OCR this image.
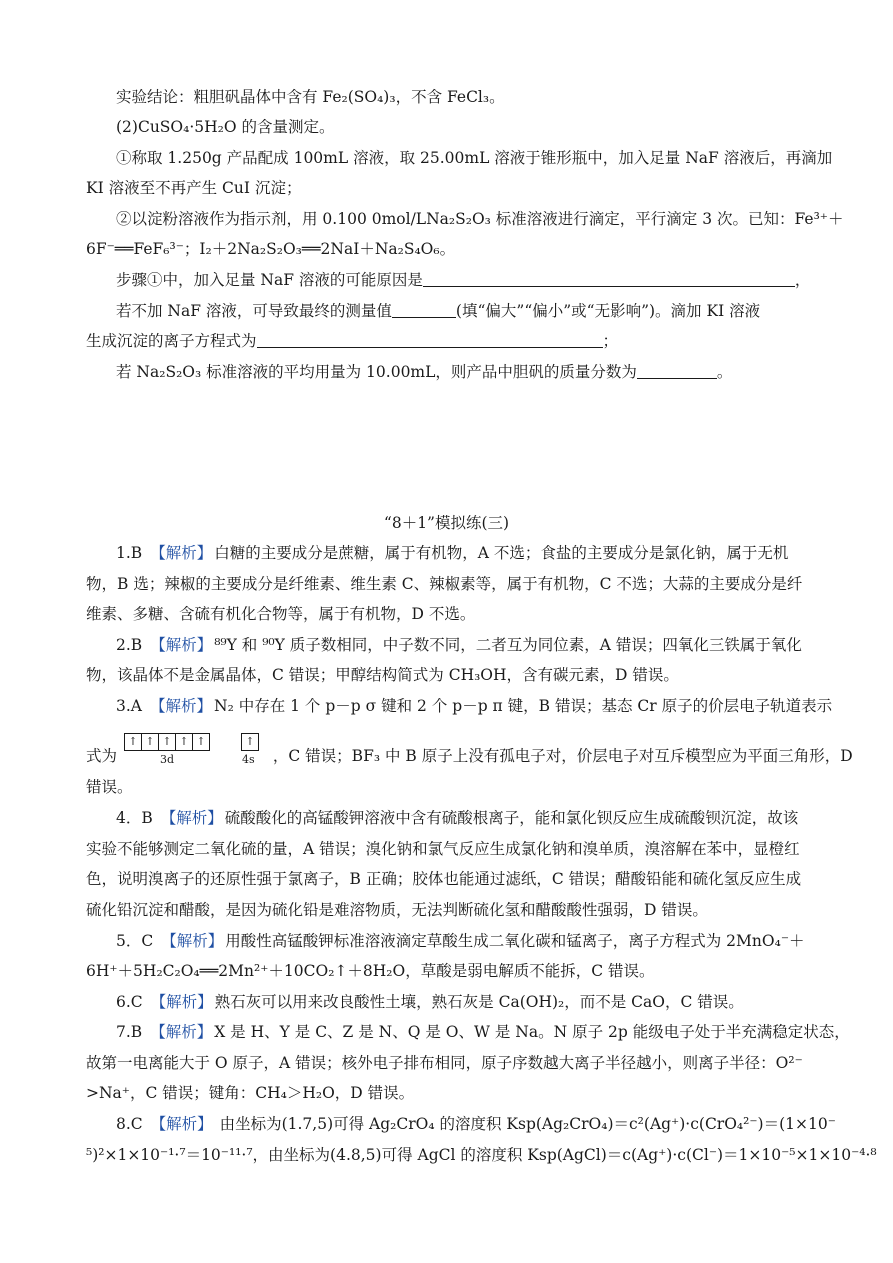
实验结论：粗胆矾晶体中含有 Fe₂(SO₄)₃，不含 FeCl₃。
(2)CuSO₄·5H₂O 的含量测定。
①称取 1.250g 产品配成 100mL 溶液，取 25.00mL 溶液于锥形瓶中，加入足量 NaF 溶液后，再滴加
KI 溶液至不再产生 CuI 沉淀；
②以淀粉溶液作为指示剂，用 0.100 0mol/LNa₂S₂O₃ 标准溶液进行滴定，平行滴定 3 次。已知：Fe³⁺＋
6F⁻══FeF₆³⁻；I₂＋2Na₂S₂O₃══2NaI＋Na₂S₄O₆。
步骤①中，加入足量 NaF 溶液的可能原因是	，
若不加 NaF 溶液，可导致最终的测量值	(填“偏大”“偏小”或“无影响”)。滴加 KI 溶液
生成沉淀的离子方程式为	；
若 Na₂S₂O₃ 标准溶液的平均用量为 10.00mL，则产品中胆矾的质量分数为	。
“8＋1”模拟练(三)
1.B 【解析】 白糖的主要成分是蔗糖，属于有机物，A 不选；食盐的主要成分是氯化钠，属于无机
物，B 选；辣椒的主要成分是纤维素、维生素 C、辣椒素等，属于有机物，C 不选；大蒜的主要成分是纤
维素、多糖、含硫有机化合物等，属于有机物，D 不选。
2.B 【解析】 ⁸⁹Y 和 ⁹⁰Y 质子数相同，中子数不同，二者互为同位素，A 错误；四氧化三铁属于氧化
物，该晶体不是金属晶体，C 错误；甲醇结构简式为 CH₃OH，含有碳元素，D 错误。
3.A 【解析】 N₂ 中存在 1 个 p－p σ 键和 2 个 p－p π 键，B 错误；基态 Cr 原子的价层电子轨道表示
式为 ↑ ↑ ↑ ↑ ↑	↑
3d	4s ，C 错误；BF₃ 中 B 原子上没有孤电子对，价层电子对互斥模型应为平面三角形，D
错误。
4．B 【解析】 硫酸酸化的高锰酸钾溶液中含有硫酸根离子，能和氯化钡反应生成硫酸钡沉淀，故该
实验不能够测定二氧化硫的量，A 错误；溴化钠和氯气反应生成氯化钠和溴单质，溴溶解在苯中，显橙红
色，说明溴离子的还原性强于氯离子，B 正确；胶体也能通过滤纸，C 错误；醋酸铅能和硫化氢反应生成
硫化铅沉淀和醋酸，是因为硫化铅是难溶物质，无法判断硫化氢和醋酸酸性强弱，D 错误。
5．C 【解析】 用酸性高锰酸钾标准溶液滴定草酸生成二氧化碳和锰离子，离子方程式为 2MnO₄⁻＋
6H⁺＋5H₂C₂O₄══2Mn²⁺＋10CO₂↑＋8H₂O，草酸是弱电解质不能拆，C 错误。
6.C 【解析】 熟石灰可以用来改良酸性土壤，熟石灰是 Ca(OH)₂，而不是 CaO，C 错误。
7.B 【解析】 X 是 H、Y 是 C、Z 是 N、Q 是 O、W 是 Na。N 原子 2p 能级电子处于半充满稳定状态，
故第一电离能大于 O 原子，A 错误；核外电子排布相同，原子序数越大离子半径越小，则离子半径：O²⁻
>Na⁺，C 错误；键角：CH₄＞H₂O，D 错误。
8.C 【解析】 由坐标为(1.7,5)可得 Ag₂CrO₄ 的溶度积 Ksp(Ag₂CrO₄)＝c²(Ag⁺)·c(CrO₄²⁻)＝(1×10⁻
⁵)²×1×10⁻¹·⁷＝10⁻¹¹·⁷，由坐标为(4.8,5)可得 AgCl 的溶度积 Ksp(AgCl)＝c(Ag⁺)·c(Cl⁻)＝1×10⁻⁵×1×10⁻⁴·⁸
